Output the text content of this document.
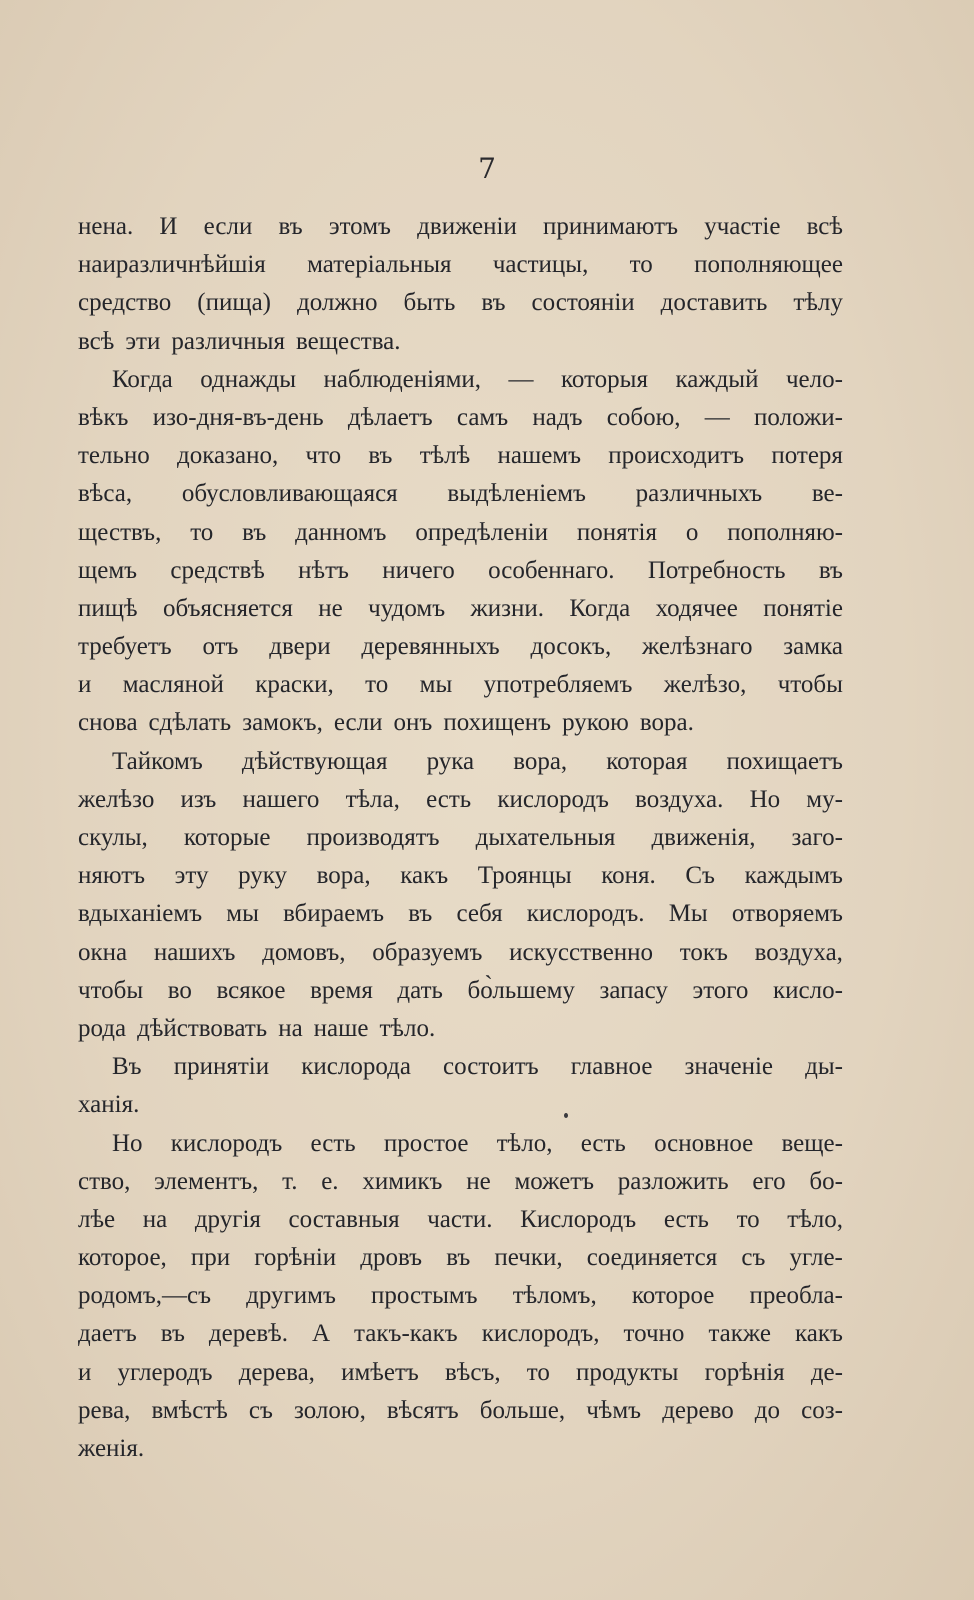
7
нена. И если въ этомъ движенiи принимаютъ участiе всѣ
наиразличнѣйшiя матерiальныя частицы, то пополняющее
средство (пища) должно быть въ состоянiи доставить тѣлу
всѣ эти различныя вещества.
Когда однажды наблюденiями, — которыя каждый чело-
вѣкъ изо-дня-въ-день дѣлаетъ самъ надъ собою, — положи-
тельно доказано, что въ тѣлѣ нашемъ происходитъ потеря
вѣса, обусловливающаяся выдѣленiемъ различныхъ ве-
ществъ, то въ данномъ опредѣленiи понятiя о пополняю-
щемъ средствѣ нѣтъ ничего особеннаго. Потребность въ
пищѣ объясняется не чудомъ жизни. Когда ходячее понятiе
требуетъ отъ двери деревянныхъ досокъ, желѣзнаго замка
и масляной краски, то мы употребляемъ желѣзо, чтобы
снова сдѣлать замокъ, если онъ похищенъ рукою вора.
Тайкомъ дѣйствующая рука вора, которая похищаетъ
желѣзо изъ нашего тѣла, есть кислородъ воздуха. Но му-
скулы, которые производятъ дыхательныя движенiя, заго-
няютъ эту руку вора, какъ Троянцы коня. Съ каждымъ
вдыханiемъ мы вбираемъ въ себя кислородъ. Мы отворяемъ
окна нашихъ домовъ, образуемъ искусственно токъ воздуха,
чтобы во всякое время дать бо̀льшему запасу этого кисло-
рода дѣйствовать на наше тѣло.
Въ принятiи кислорода состоитъ главное значенiе ды-
ханiя.
Но кислородъ есть простое тѣло, есть основное веще-
ство, элементъ, т. е. химикъ не можетъ разложить его бо-
лѣе на другiя составныя части. Кислородъ есть то тѣло,
которое, при горѣнiи дровъ въ печки, соединяется съ угле-
родомъ,—съ другимъ простымъ тѣломъ, которое преобла-
даетъ въ деревѣ. А такъ-какъ кислородъ, точно также какъ
и углеродъ дерева, имѣетъ вѣсъ, то продукты горѣнiя де-
рева, вмѣстѣ съ золою, вѣсятъ больше, чѣмъ дерево до соз-
женiя.
